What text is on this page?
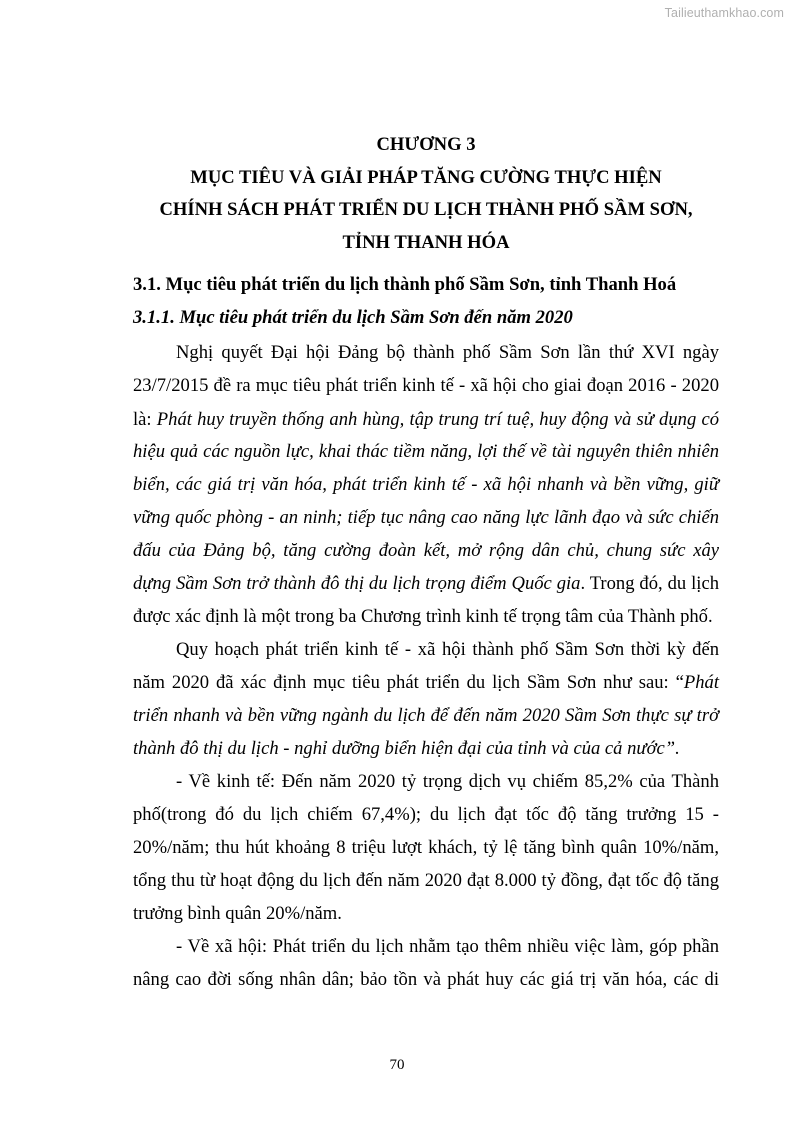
Tailieuthamkhao.com
CHƯƠNG 3
MỤC TIÊU VÀ GIẢI PHÁP TĂNG CƯỜNG THỰC HIỆN
CHÍNH SÁCH PHÁT TRIỂN DU LỊCH THÀNH PHỐ SẦM SƠN,
TỈNH THANH HÓA
3.1. Mục tiêu phát triển du lịch thành phố Sầm Sơn, tỉnh Thanh Hoá
3.1.1. Mục tiêu phát triển du lịch Sầm Sơn đến năm 2020
Nghị quyết Đại hội Đảng bộ thành phố Sầm Sơn lần thứ XVI ngày
23/7/2015 đề ra mục tiêu phát triển kinh tế - xã hội cho giai đoạn 2016 - 2020
là: Phát huy truyền thống anh hùng, tập trung trí tuệ, huy động và sử dụng có
hiệu quả các nguồn lực, khai thác tiềm năng, lợi thế về tài nguyên thiên nhiên
biển, các giá trị văn hóa, phát triển kinh tế - xã hội nhanh và bền vững, giữ
vững quốc phòng - an ninh; tiếp tục nâng cao năng lực lãnh đạo và sức chiến
đấu của Đảng bộ, tăng cường đoàn kết, mở rộng dân chủ, chung sức xây
dựng Sầm Sơn trở thành đô thị du lịch trọng điểm Quốc gia. Trong đó, du lịch
được xác định là một trong ba Chương trình kinh tế trọng tâm của Thành phố.
Quy hoạch phát triển kinh tế - xã hội thành phố Sầm Sơn thời kỳ đến
năm 2020 đã xác định mục tiêu phát triển du lịch Sầm Sơn như sau: “Phát
triển nhanh và bền vững ngành du lịch để đến năm 2020 Sầm Sơn thực sự trở
thành đô thị du lịch - nghỉ dưỡng biển hiện đại của tỉnh và của cả nước”.
- Về kinh tế: Đến năm 2020 tỷ trọng dịch vụ chiếm 85,2% của Thành
phố(trong đó du lịch chiếm 67,4%); du lịch đạt tốc độ tăng trưởng 15 -
20%/năm; thu hút khoảng 8 triệu lượt khách, tỷ lệ tăng bình quân 10%/năm,
tổng thu từ hoạt động du lịch đến năm 2020 đạt 8.000 tỷ đồng, đạt tốc độ tăng
trưởng bình quân 20%/năm.
- Về xã hội: Phát triển du lịch nhằm tạo thêm nhiều việc làm, góp phần
nâng cao đời sống nhân dân; bảo tồn và phát huy các giá trị văn hóa, các di
70
